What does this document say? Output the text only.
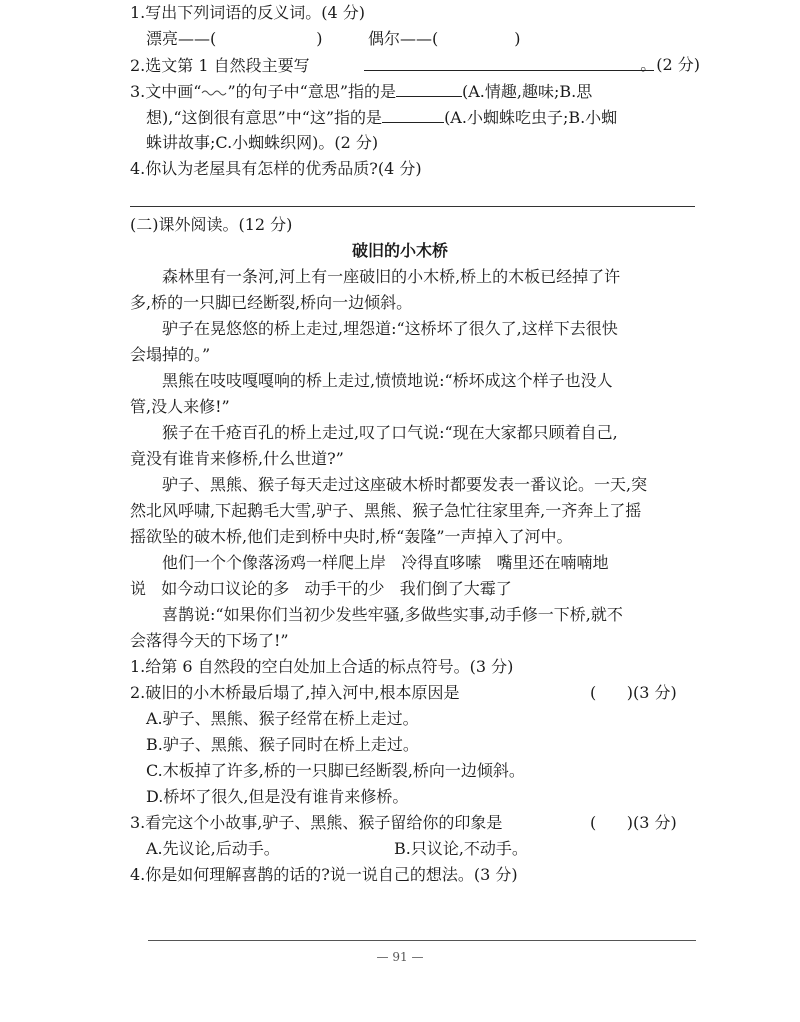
1.写出下列词语的反义词。(4 分)
漂亮——(	)	偶尔——(	)
2.选文第 1 自然段主要写	。(2 分)
3.文中画“ ”的句子中“意思”指的是	(A.情趣,趣味;B.思
想),“这倒很有意思”中“这”指的是	(A.小蜘蛛吃虫子;B.小蜘
蛛讲故事;C.小蜘蛛织网)。(2 分)
4.你认为老屋具有怎样的优秀品质?(4 分)
(二)课外阅读。(12 分)
破旧的小木桥
森林里有一条河,河上有一座破旧的小木桥,桥上的木板已经掉了许
多,桥的一只脚已经断裂,桥向一边倾斜。
驴子在晃悠悠的桥上走过,埋怨道:“这桥坏了很久了,这样下去很快
会塌掉的。”
黑熊在吱吱嘎嘎响的桥上走过,愤愤地说:“桥坏成这个样子也没人
管,没人来修!”
猴子在千疮百孔的桥上走过,叹了口气说:“现在大家都只顾着自己,
竟没有谁肯来修桥,什么世道?”
驴子、黑熊、猴子每天走过这座破木桥时都要发表一番议论。一天,突
然北风呼啸,下起鹅毛大雪,驴子、黑熊、猴子急忙往家里奔,一齐奔上了摇
摇欲坠的破木桥,他们走到桥中央时,桥“轰隆”一声掉入了河中。
他们一个个像落汤鸡一样爬上岸   冷得直哆嗦   嘴里还在喃喃地
说   如今动口议论的多   动手干的少   我们倒了大霉了
喜鹊说:“如果你们当初少发些牢骚,多做些实事,动手修一下桥,就不
会落得今天的下场了!”
1.给第 6 自然段的空白处加上合适的标点符号。(3 分)
2.破旧的小木桥最后塌了,掉入河中,根本原因是	(      )(3 分)
A.驴子、黑熊、猴子经常在桥上走过。
B.驴子、黑熊、猴子同时在桥上走过。
C.木板掉了许多,桥的一只脚已经断裂,桥向一边倾斜。
D.桥坏了很久,但是没有谁肯来修桥。
3.看完这个小故事,驴子、黑熊、猴子留给你的印象是	(      )(3 分)
A.先议论,后动手。	B.只议论,不动手。
4.你是如何理解喜鹊的话的?说一说自己的想法。(3 分)
— 91 —
